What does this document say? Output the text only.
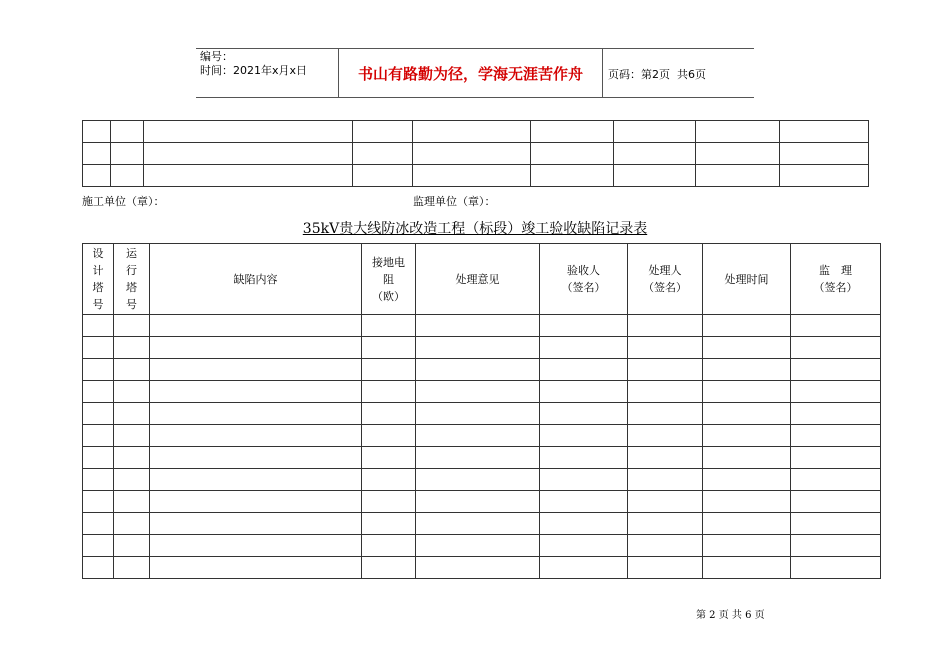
编号：
时间：2021年x月x日	书山有路勤为径，学海无涯苦作舟 页码：第2页  共6页

施工单位（章）：	监理单位（章）：
35kV贵大线防冰改造工程（标段）竣工验收缺陷记录表
设
计
塔
号	运
行
塔
号	缺陷内容	接地电
阻
（欧）	处理意见	验收人
（签名）	处理人
（签名）	处理时间	监　理
（签名）

第 2 页 共 6 页
